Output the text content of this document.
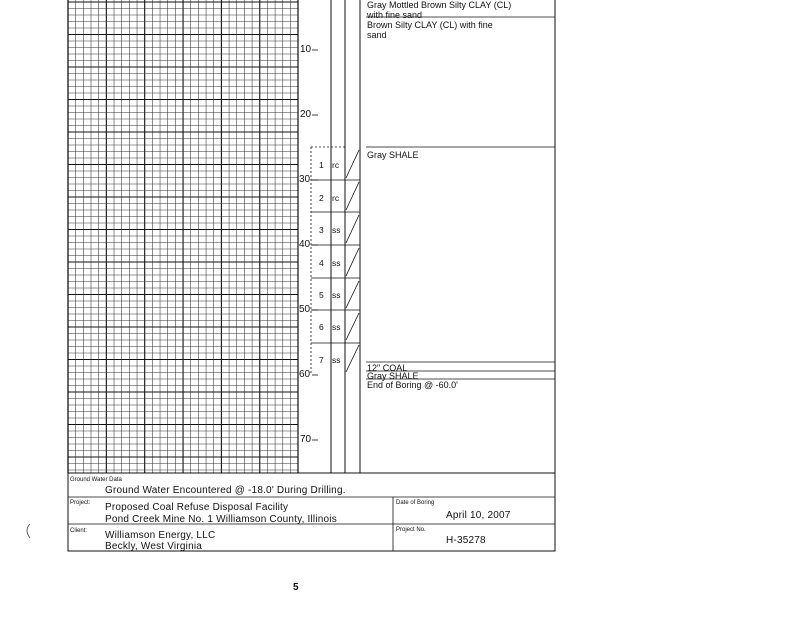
10
20
30
40
50
60
70
1 rc
2 rc
3 ss
4 ss
5 ss
6 ss
7 ss
Gray Mottled Brown Silty CLAY (CL)
with fine sand
Brown Silty CLAY (CL) with fine
sand
Gray SHALE
12" COAL
Gray SHALE
End of Boring @ -60.0'
Ground Water Data
Ground Water Encountered @ -18.0' During Drilling.
Project: Proposed Coal Refuse Disposal Facility
Pond Creek Mine No. 1 Williamson County, Illinois
Date of Boring
April 10, 2007
Client: Williamson Energy, LLC
Beckly, West Virginia
Project No.
H-35278
5
